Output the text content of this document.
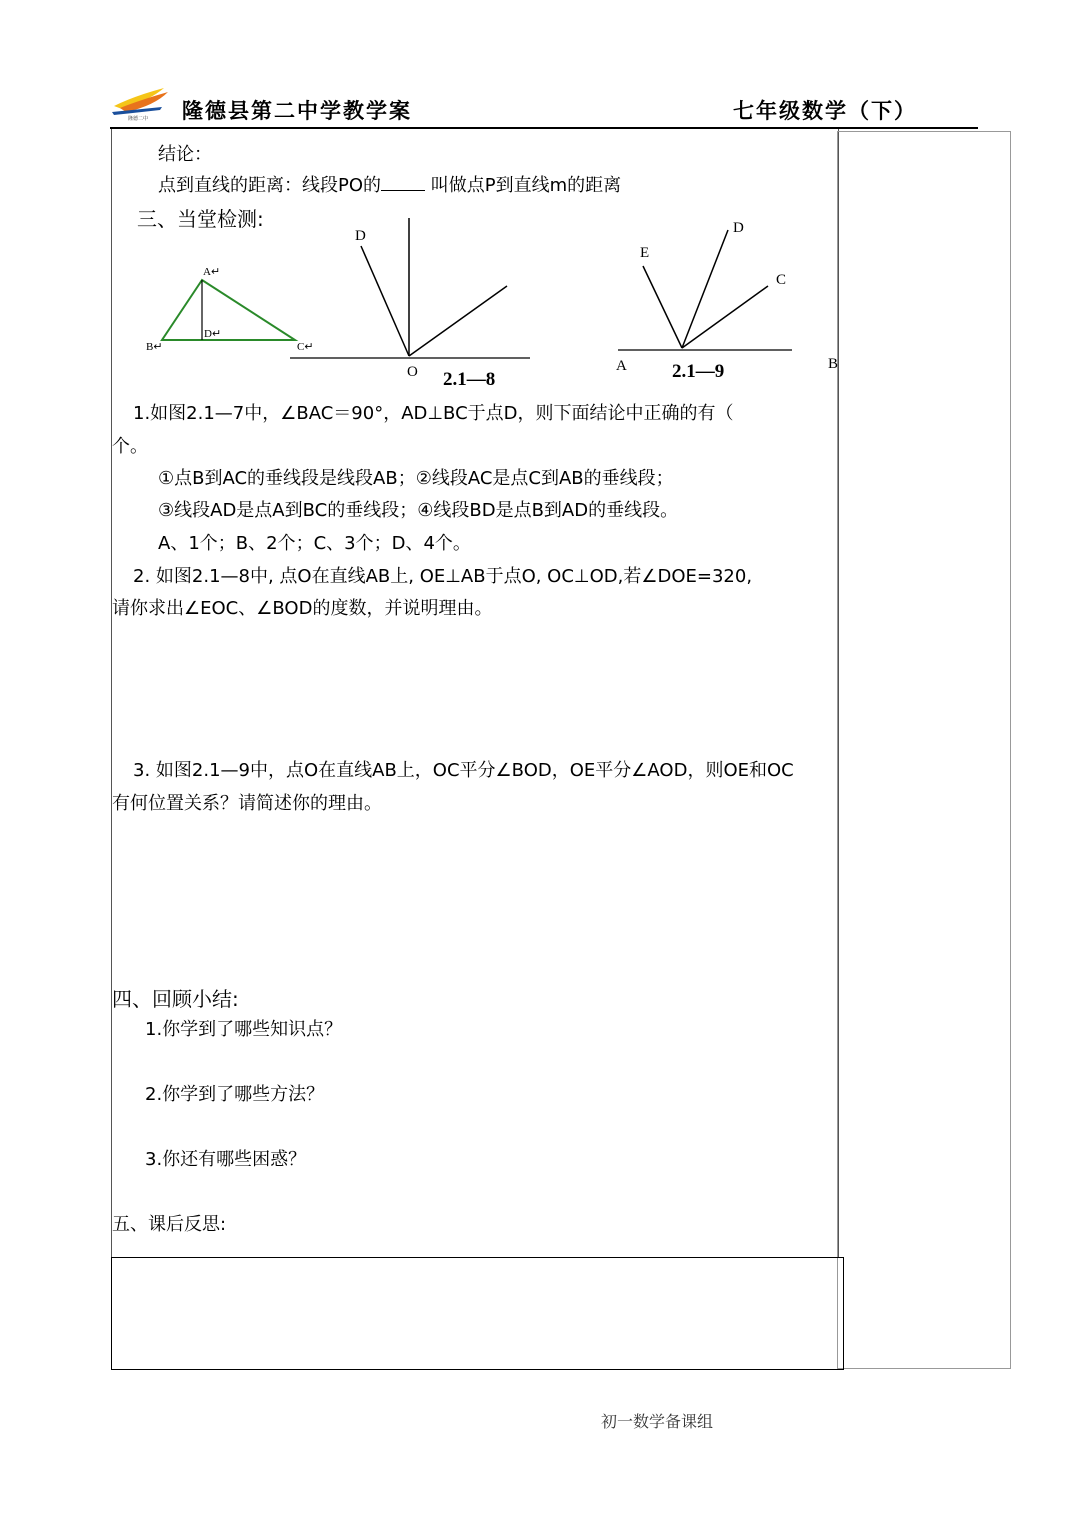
隆德二中 隆德县第二中学教学案	七年级数学（下）
结论：
点到直线的距离：线段PO的	叫做点P到直线m的距离
三、当堂检测:
A↵
B↵
D↵
C↵
D
O 2.1—8
E
D
C
A	B
2.1—9
1.如图2.1—7中，∠BAC＝90°，AD⊥BC于点D，则下面结论中正确的有（
个。
①点B到AC的垂线段是线段AB；②线段AC是点C到AB的垂线段；
③线段AD是点A到BC的垂线段；④线段BD是点B到AD的垂线段。
A、1个；B、2个；C、3个；D、4个。
2. 如图2.1—8中, 点O在直线AB上, OE⊥AB于点O, OC⊥OD,若∠DOE=320,
请你求出∠EOC、∠BOD的度数，并说明理由。
3. 如图2.1—9中，点O在直线AB上，OC平分∠BOD，OE平分∠AOD，则OE和OC
有何位置关系？请简述你的理由。
四、回顾小结:
1.你学到了哪些知识点？
2.你学到了哪些方法？
3.你还有哪些困惑？
五、课后反思:
初一数学备课组
